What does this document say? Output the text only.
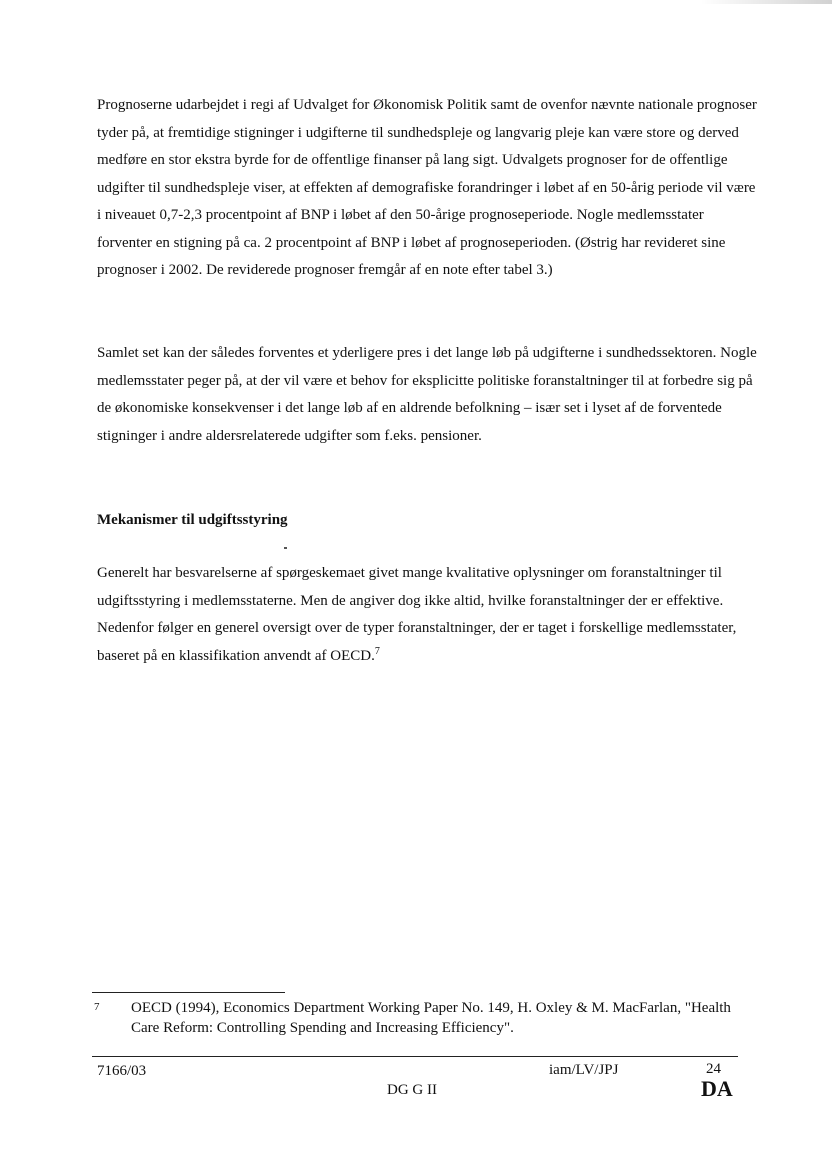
Prognoserne udarbejdet i regi af Udvalget for Økonomisk Politik samt de ovenfor nævnte nationale prognoser tyder på, at fremtidige stigninger i udgifterne til sundhedspleje og langvarig pleje kan være store og derved medføre en stor ekstra byrde for de offentlige finanser på lang sigt. Udvalgets prognoser for de offentlige udgifter til sundhedspleje viser, at effekten af demografiske forandringer i løbet af en 50-årig periode vil være i niveauet 0,7-2,3 procentpoint af BNP i løbet af den 50-årige prognoseperiode. Nogle medlemsstater forventer en stigning på ca. 2 procentpoint af BNP i løbet af prognoseperioden. (Østrig har revideret sine prognoser i 2002. De reviderede prognoser fremgår af en note efter tabel 3.)

Samlet set kan der således forventes et yderligere pres i det lange løb på udgifterne i sundhedssektoren. Nogle medlemsstater peger på, at der vil være et behov for eksplicitte politiske foranstaltninger til at forbedre sig på de økonomiske konsekvenser i det lange løb af en aldrende befolkning – især set i lyset af de forventede stigninger i andre aldersrelaterede udgifter som f.eks. pensioner.

Mekanismer til udgiftsstyring

Generelt har besvarelserne af spørgeskemaet givet mange kvalitative oplysninger om foranstaltninger til udgiftsstyring i medlemsstaterne. Men de angiver dog ikke altid, hvilke foranstaltninger der er effektive. Nedenfor følger en generel oversigt over de typer foranstaltninger, der er taget i forskellige medlemsstater, baseret på en klassifikation anvendt af OECD.$^7$

7 OECD (1994), Economics Department Working Paper No. 149, H. Oxley & M. MacFarlan, "Health Care Reform: Controlling Spending and Increasing Efficiency".

7166/03	iam/LV/JPJ	24
DG G II	DA
